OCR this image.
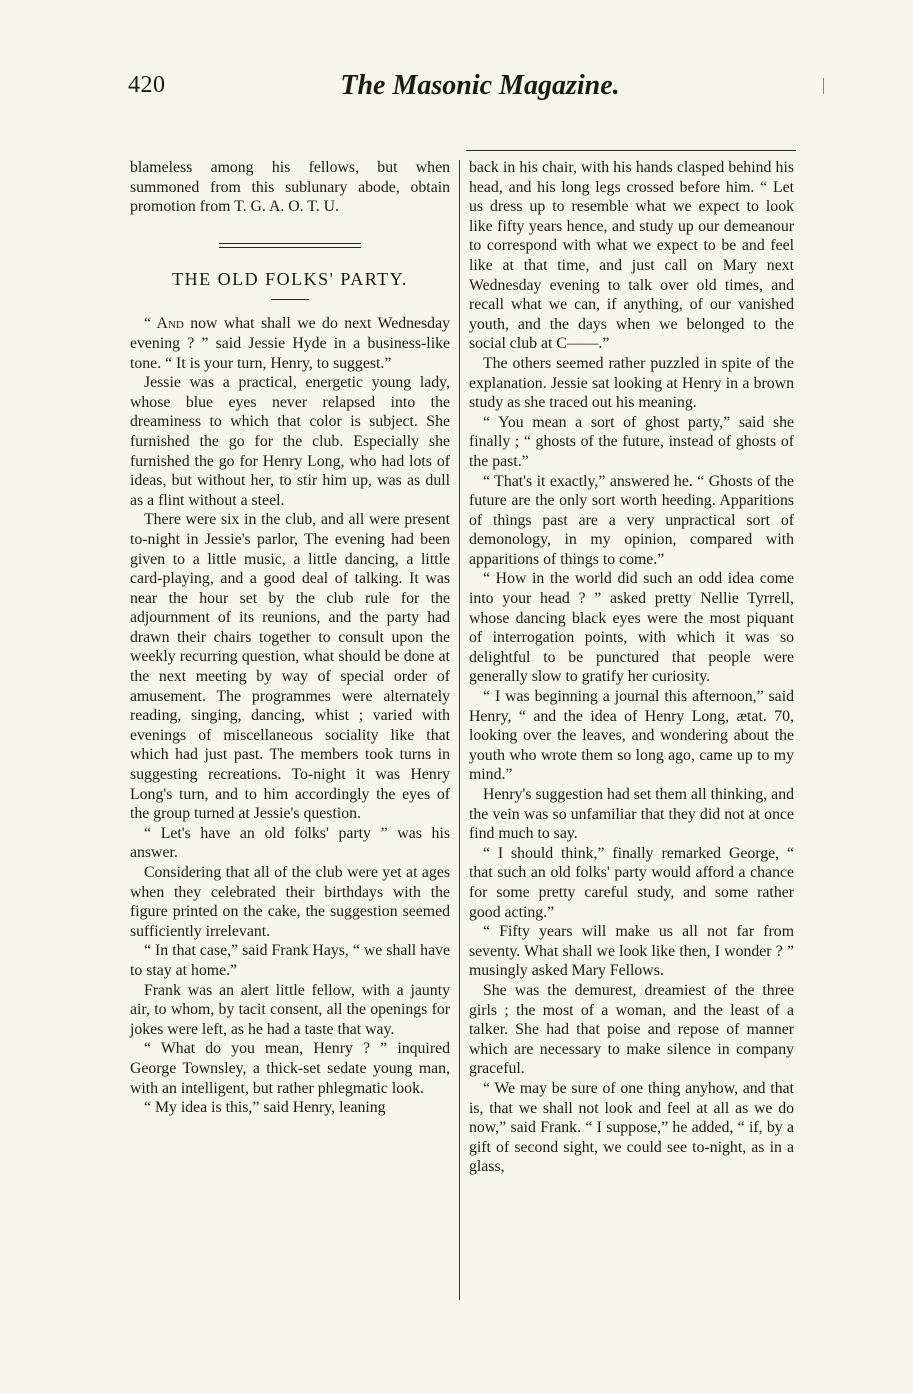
420	The Masonic Magazine.

blameless among his fellows, but when summoned from this sublunary abode, obtain promotion from T. G. A. O. T. U.

THE OLD FOLKS' PARTY.

“ And now what shall we do next Wednesday evening ? ” said Jessie Hyde in a business-like tone. “ It is your turn, Henry, to suggest.”

Jessie was a practical, energetic young lady, whose blue eyes never relapsed into the dreaminess to which that color is subject. She furnished the go for the club. Especially she furnished the go for Henry Long, who had lots of ideas, but without her, to stir him up, was as dull as a flint without a steel.

There were six in the club, and all were present to-night in Jessie's parlor, The evening had been given to a little music, a little dancing, a little card-playing, and a good deal of talking. It was near the hour set by the club rule for the adjournment of its reunions, and the party had drawn their chairs together to consult upon the weekly recurring question, what should be done at the next meeting by way of special order of amusement. The programmes were alternately reading, singing, dancing, whist ; varied with evenings of miscellaneous sociality like that which had just past. The members took turns in suggesting recreations. To-night it was Henry Long's turn, and to him accordingly the eyes of the group turned at Jessie's question.

“ Let's have an old folks' party ” was his answer.

Considering that all of the club were yet at ages when they celebrated their birthdays with the figure printed on the cake, the suggestion seemed sufficiently irrelevant.

“ In that case,” said Frank Hays, “ we shall have to stay at home.”

Frank was an alert little fellow, with a jaunty air, to whom, by tacit consent, all the openings for jokes were left, as he had a taste that way.

“ What do you mean, Henry ? ” inquired George Townsley, a thick-set sedate young man, with an intelligent, but rather phlegmatic look.

“ My idea is this,” said Henry, leaning

back in his chair, with his hands clasped behind his head, and his long legs crossed before him. “ Let us dress up to resemble what we expect to look like fifty years hence, and study up our demeanour to correspond with what we expect to be and feel like at that time, and just call on Mary next Wednesday evening to talk over old times, and recall what we can, if anything, of our vanished youth, and the days when we belonged to the social club at C——.”

The others seemed rather puzzled in spite of the explanation. Jessie sat looking at Henry in a brown study as she traced out his meaning.

“ You mean a sort of ghost party,” said she finally ; “ ghosts of the future, instead of ghosts of the past.”

“ That's it exactly,” answered he. “ Ghosts of the future are the only sort worth heeding. Apparitions of things past are a very unpractical sort of demonology, in my opinion, compared with apparitions of things to come.”

“ How in the world did such an odd idea come into your head ? ” asked pretty Nellie Tyrrell, whose dancing black eyes were the most piquant of interrogation points, with which it was so delightful to be punctured that people were generally slow to gratify her curiosity.

“ I was beginning a journal this afternoon,” said Henry, “ and the idea of Henry Long, ætat. 70, looking over the leaves, and wondering about the youth who wrote them so long ago, came up to my mind.”

Henry's suggestion had set them all thinking, and the vein was so unfamiliar that they did not at once find much to say.

“ I should think,” finally remarked George, “ that such an old folks' party would afford a chance for some pretty careful study, and some rather good acting.”

“ Fifty years will make us all not far from seventy. What shall we look like then, I wonder ? ” musingly asked Mary Fellows.

She was the demurest, dreamiest of the three girls ; the most of a woman, and the least of a talker. She had that poise and repose of manner which are necessary to make silence in company graceful.

“ We may be sure of one thing anyhow, and that is, that we shall not look and feel at all as we do now,” said Frank. “ I suppose,” he added, “ if, by a gift of second sight, we could see to-night, as in a glass,
